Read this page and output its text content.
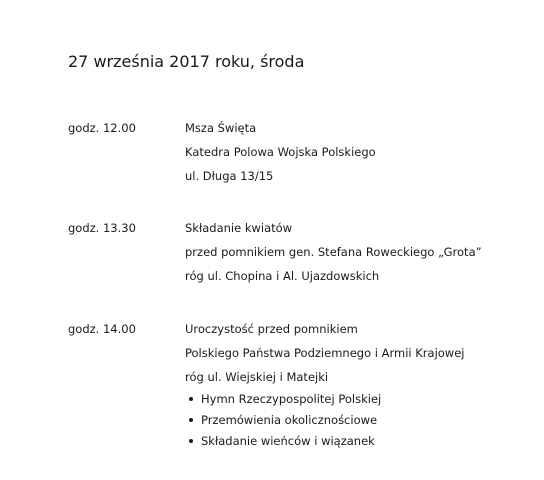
27 września 2017 roku, środa
godz. 12.00	Msza Święta
Katedra Polowa Wojska Polskiego
ul. Długa 13/15
godz. 13.30	Składanie kwiatów
przed pomnikiem gen. Stefana Roweckiego „Grota”
róg ul. Chopina i Al. Ujazdowskich
godz. 14.00	Uroczystość przed pomnikiem
Polskiego Państwa Podziemnego i Armii Krajowej
róg ul. Wiejskiej i Matejki
Hymn Rzeczypospolitej Polskiej
Przemówienia okolicznościowe
Składanie wieńców i wiązanek
